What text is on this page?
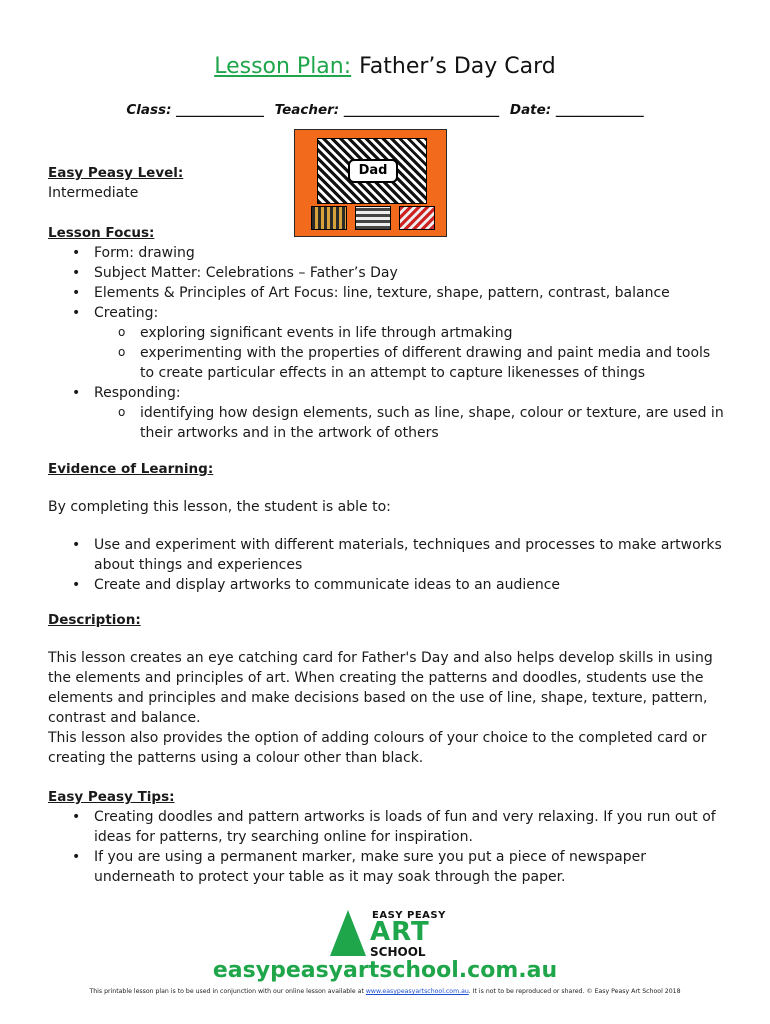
Lesson Plan: Father’s Day Card
Class: _____________ Teacher: _______________________ Date: _____________
Dad
Easy Peasy Level:
Intermediate
Lesson Focus:
• Form: drawing
• Subject Matter: Celebrations – Father’s Day
• Elements & Principles of Art Focus: line, texture, shape, pattern, contrast, balance
• Creating:
o exploring significant events in life through artmaking
o experimenting with the properties of different drawing and paint media and tools to create particular effects in an attempt to capture likenesses of things
• Responding:
o identifying how design elements, such as line, shape, colour or texture, are used in their artworks and in the artwork of others
Evidence of Learning:

By completing this lesson, the student is able to:

• Use and experiment with different materials, techniques and processes to make artworks about things and experiences
• Create and display artworks to communicate ideas to an audience
Description:

This lesson creates an eye catching card for Father's Day and also helps develop skills in using the elements and principles of art. When creating the patterns and doodles, students use the elements and principles and make decisions based on the use of line, shape, texture, pattern, contrast and balance.

This lesson also provides the option of adding colours of your choice to the completed card or creating the patterns using a colour other than black.

Easy Peasy Tips:
• Creating doodles and pattern artworks is loads of fun and very relaxing. If you run out of ideas for patterns, try searching online for inspiration.
• If you are using a permanent marker, make sure you put a piece of newspaper underneath to protect your table as it may soak through the paper.
EASY PEASY
ART
SCHOOL
easypeasyartschool.com.au
This printable lesson plan is to be used in conjunction with our online lesson available at www.easypeasyartschool.com.au. It is not to be reproduced or shared. © Easy Peasy Art School 2018
